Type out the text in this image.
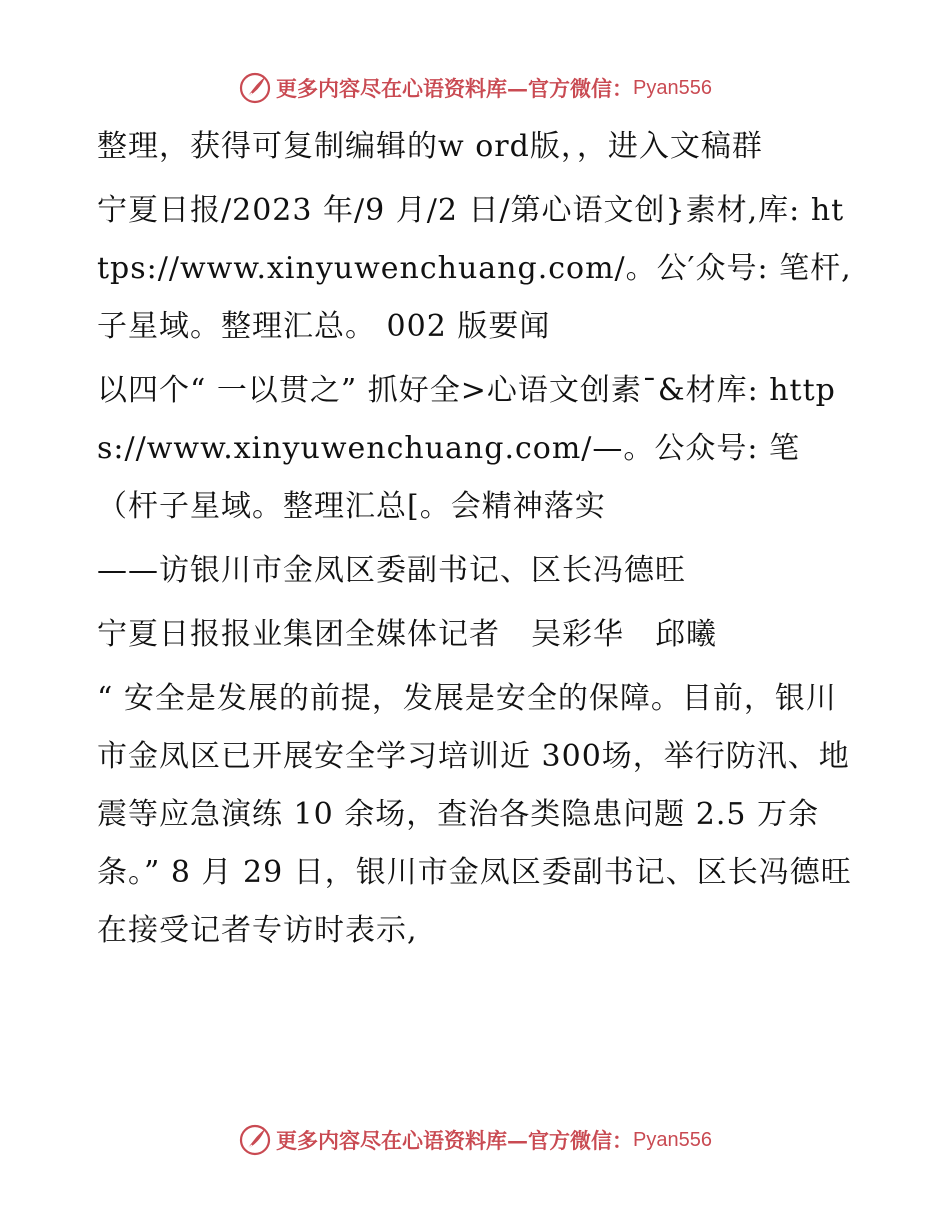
更多内容尽在心语资料库—官方微信： Pyan556

整理，获得可复制编辑的w ord版，，进入文稿群

宁夏日报/2023 年/9 月/2 日/第心语文创}素材,库: https://www.xinyuwenchuang.com/。公′众号: 笔杆,子星域。整理汇总。 002 版要闻

以四个“ 一以贯之” 抓好全>心语文创素¯&材库: https://www.xinyuwenchuang.com/—。公众号: 笔（杆子星域。整理汇总[。会精神落实

——访银川市金凤区委副书记、区长冯德旺

宁夏日报报业集团全媒体记者　吴彩华　邱曦

“ 安全是发展的前提，发展是安全的保障。目前，银川市金凤区已开展安全学习培训近 300场，举行防汛、地震等应急演练 10 余场，查治各类隐患问题 2.5 万余条。” 8 月 29 日，银川市金凤区委副书记、区长冯德旺在接受记者专访时表示,

更多内容尽在心语资料库—官方微信： Pyan556
